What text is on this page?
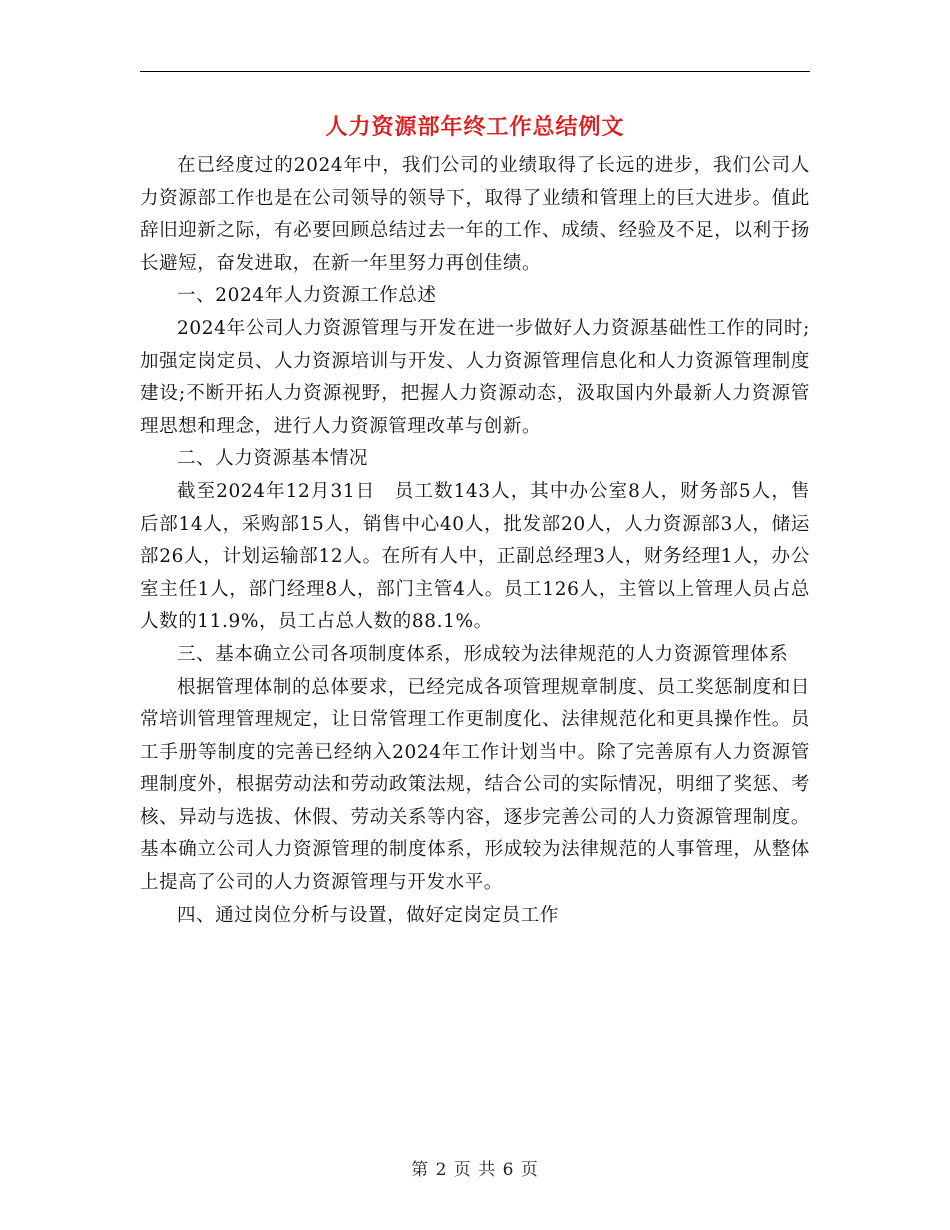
人力资源部年终工作总结例文

在已经度过的2024年中，我们公司的业绩取得了长远的进步，我们公司人力资源部工作也是在公司领导的领导下，取得了业绩和管理上的巨大进步。值此辞旧迎新之际，有必要回顾总结过去一年的工作、成绩、经验及不足，以利于扬长避短，奋发进取，在新一年里努力再创佳绩。

一、2024年人力资源工作总述

2024年公司人力资源管理与开发在进一步做好人力资源基础性工作的同时;加强定岗定员、人力资源培训与开发、人力资源管理信息化和人力资源管理制度建设;不断开拓人力资源视野，把握人力资源动态，汲取国内外最新人力资源管理思想和理念，进行人力资源管理改革与创新。

二、人力资源基本情况

截至2024年12月31日　员工数143人，其中办公室8人，财务部5人，售后部14人，采购部15人，销售中心40人，批发部20人，人力资源部3人，储运部26人，计划运输部12人。在所有人中，正副总经理3人，财务经理1人，办公室主任1人，部门经理8人，部门主管4人。员工126人，主管以上管理人员占总人数的11.9%，员工占总人数的88.1%。

三、基本确立公司各项制度体系，形成较为法律规范的人力资源管理体系

根据管理体制的总体要求，已经完成各项管理规章制度、员工奖惩制度和日常培训管理管理规定，让日常管理工作更制度化、法律规范化和更具操作性。员工手册等制度的完善已经纳入2024年工作计划当中。除了完善原有人力资源管理制度外，根据劳动法和劳动政策法规，结合公司的实际情况，明细了奖惩、考核、异动与选拔、休假、劳动关系等内容，逐步完善公司的人力资源管理制度。基本确立公司人力资源管理的制度体系，形成较为法律规范的人事管理，从整体上提高了公司的人力资源管理与开发水平。

四、通过岗位分析与设置，做好定岗定员工作

第 2 页 共 6 页
